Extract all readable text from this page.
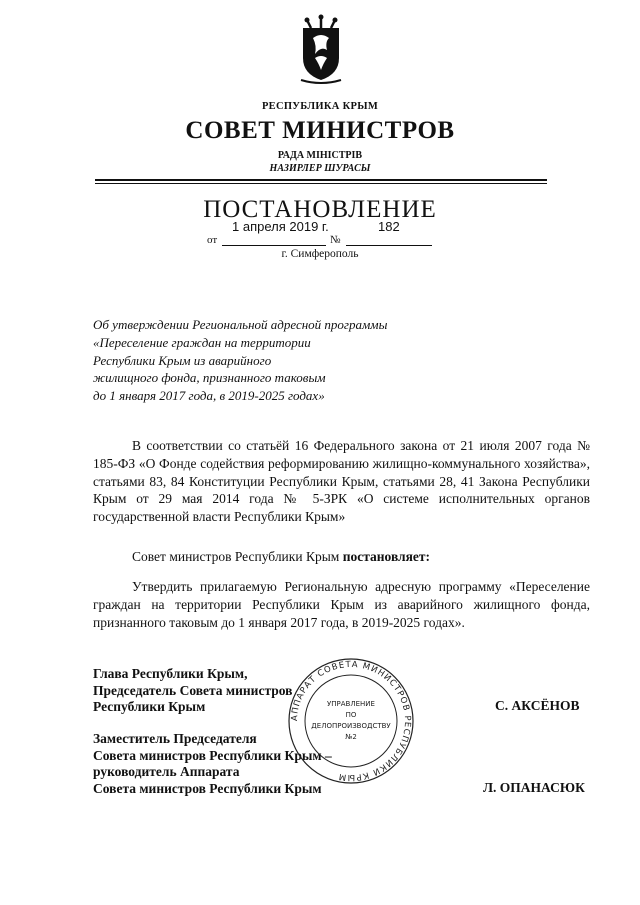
РЕСПУБЛИКА КРЫМ
СОВЕТ МИНИСТРОВ
РАДА МІНІСТРІВ
НАЗИРЛЕР ШУРАСЫ
ПОСТАНОВЛЕНИЕ
1 апреля 2019 г.	182
от	№
г. Симферополь
Об утверждении Региональной адресной программы
«Переселение граждан на территории
Республики Крым из аварийного
жилищного фонда, признанного таковым
до 1 января 2017 года, в 2019-2025 годах»
В соответствии со статьёй 16 Федерального закона от 21 июля 2007 года № 185-ФЗ «О Фонде содействия реформированию жилищно-коммунального хозяйства», статьями 83, 84 Конституции Республики Крым, статьями 28, 41 Закона Республики Крым от 29 мая 2014 года № 5-ЗРК «О системе исполнительных органов государственной власти Республики Крым»
Совет министров Республики Крым постановляет:
Утвердить прилагаемую Региональную адресную программу «Переселение граждан на территории Республики Крым из аварийного жилищного фонда, признанного таковым до 1 января 2017 года, в 2019-2025 годах».
Глава Республики Крым,
Председатель Совета министров
Республики Крым	С. АКСЁНОВ
Заместитель Председателя
Совета министров Республики Крым –
руководитель Аппарата
Совета министров Республики Крым	Л. ОПАНАСЮК
АППАРАТ СОВЕТА МИНИСТРОВ РЕСПУБЛИКИ КРЫМ
УПРАВЛЕНИЕ
ПО
ДЕЛОПРОИЗВОДСТВУ
№2
